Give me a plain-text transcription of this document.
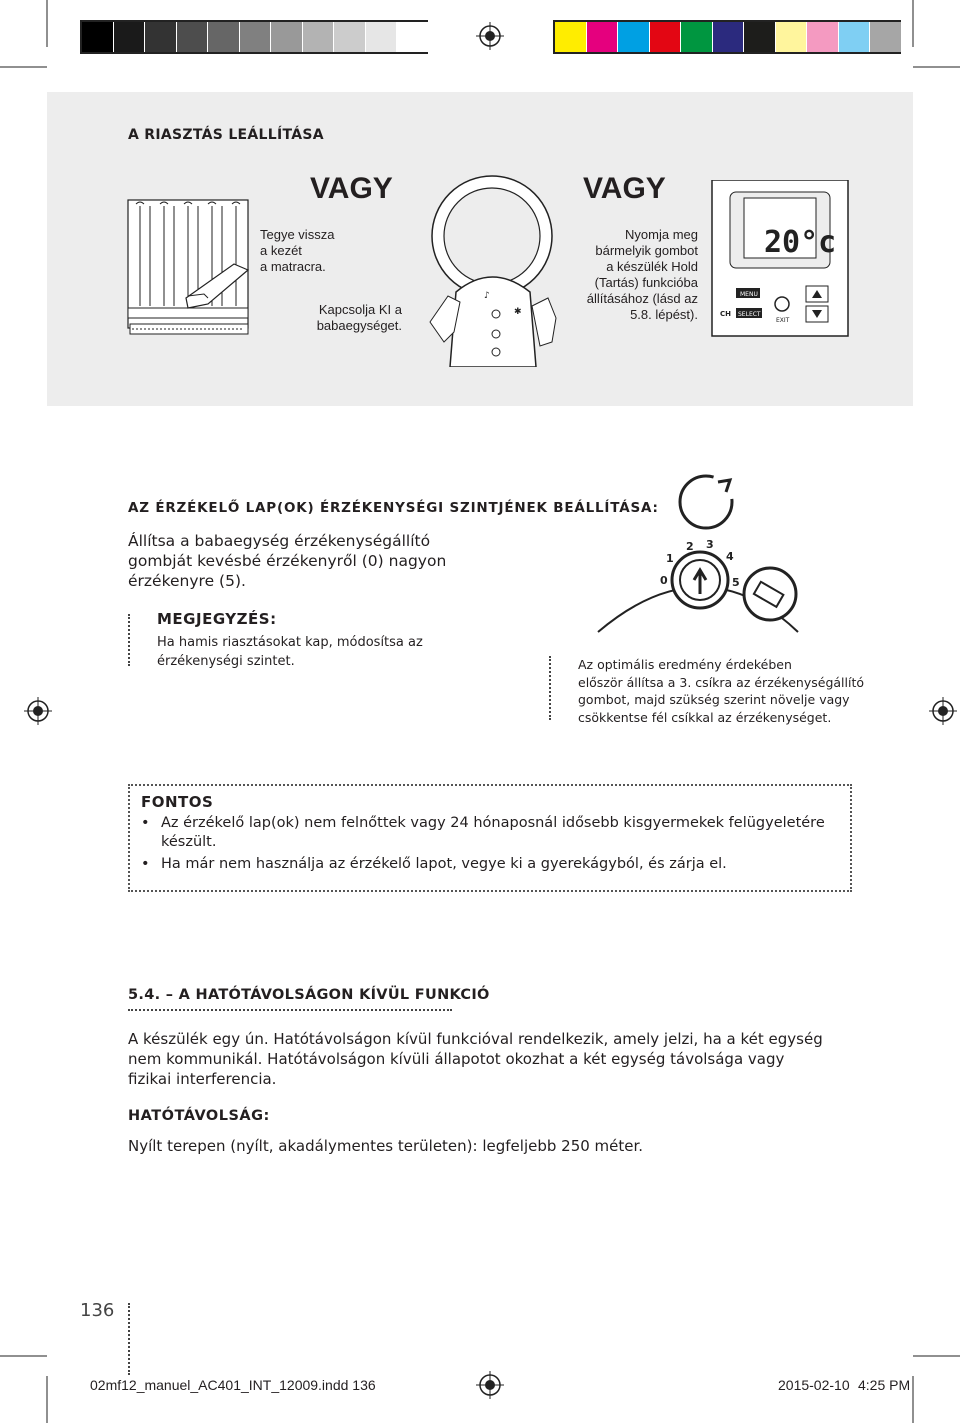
A RIASZTÁS LEÁLLÍTÁSA
VAGY	VAGY
Tegye vissza
a kezét
a matracra.
Kapcsolja KI a
babaegységet.
♪
✱
Nyomja meg
bármelyik gombot
a készülék Hold
(Tartás) funkcióba
állításához (lásd az
5.8. lépést).
20°c
MENU
SELECT
CH
EXIT
AZ ÉRZÉKELŐ LAP(OK) ÉRZÉKENYSÉGI SZINTJÉNEK BEÁLLÍTÁSA:
Állítsa a babaegység érzékenységállító
gombját kevésbé érzékenyről (0) nagyon
érzékenyre (5).
MEGJEGYZÉS:
Ha hamis riasztásokat kap, módosítsa az
érzékenységi szintet.
0
1
2 3
4
5
Az optimális eredmény érdekében
először állítsa a 3. csíkra az érzékenységállító
gombot, majd szükség szerint növelje vagy
csökkentse fél csíkkal az érzékenységet.
FONTOS
• Az érzékelő lap(ok) nem felnőttek vagy 24 hónaposnál idősebb kisgyermekek felügyeletére
készült.
• Ha már nem használja az érzékelő lapot, vegye ki a gyerekágyból, és zárja el.
5.4. – A HATÓTÁVOLSÁGON KÍVÜL FUNKCIÓ
A készülék egy ún. Hatótávolságon kívül funkcióval rendelkezik, amely jelzi, ha a két egység
nem kommunikál. Hatótávolságon kívüli állapotot okozhat a két egység távolsága vagy
fizikai interferencia.
HATÓTÁVOLSÁG:
Nyílt terepen (nyílt, akadálymentes területen): legfeljebb 250 méter.
136
02mf12_manuel_AC401_INT_12009.indd 136	2015-02-10 4:25 PM
